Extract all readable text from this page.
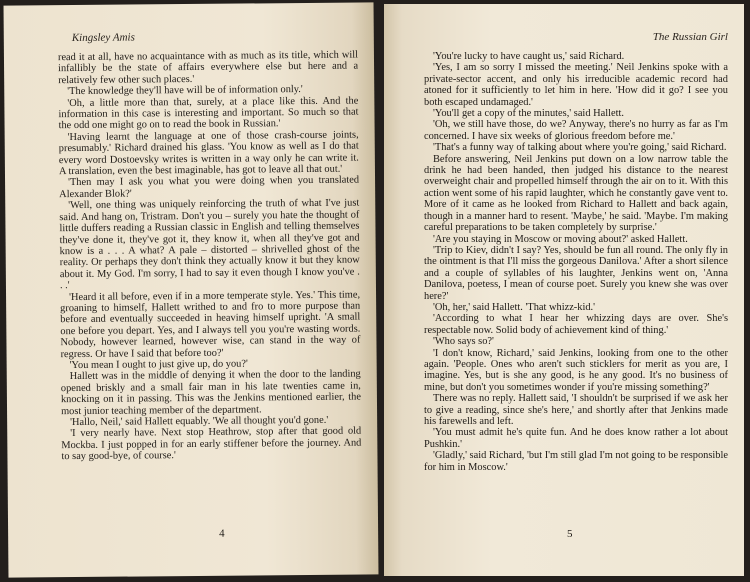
Kingsley Amis

read it at all, have no acquaintance with as much as its title, which will infallibly be the state of affairs everywhere else but here and a relatively few other such places.'

'The knowledge they'll have will be of information only.'

'Oh, a little more than that, surely, at a place like this. And the information in this case is interesting and important. So much so that the odd one might go on to read the book in Russian.'

'Having learnt the language at one of those crash-course joints, presumably.' Richard drained his glass. 'You know as well as I do that every word Dostoevsky writes is written in a way only he can write it. A translation, even the best imaginable, has got to leave all that out.'

'Then may I ask you what you were doing when you translated Alexander Blok?'

'Well, one thing was uniquely reinforcing the truth of what I've just said. And hang on, Tristram. Don't you – surely you hate the thought of little duffers reading a Russian classic in English and telling themselves they've done it, they've got it, they know it, when all they've got and know is a . . . A what? A pale – distorted – shrivelled ghost of the reality. Or perhaps they don't think they actually know it but they know about it. My God. I'm sorry, I had to say it even though I know you've . . .'

'Heard it all before, even if in a more temperate style. Yes.' This time, groaning to himself, Hallett writhed to and fro to more purpose than before and eventually succeeded in heaving himself upright. 'A small one before you depart. Yes, and I always tell you you're wasting words. Nobody, however learned, however wise, can stand in the way of regress. Or have I said that before too?'

'You mean I ought to just give up, do you?'

Hallett was in the middle of denying it when the door to the landing opened briskly and a small fair man in his late twenties came in, knocking on it in passing. This was the Jenkins mentioned earlier, the most junior teaching member of the department.

'Hallo, Neil,' said Hallett equably. 'We all thought you'd gone.'

'I very nearly have. Next stop Heathrow, stop after that good old Mockba. I just popped in for an early stiffener before the journey. And to say good-bye, of course.'

4
The Russian Girl

'You're lucky to have caught us,' said Richard.

'Yes, I am so sorry I missed the meeting.' Neil Jenkins spoke with a private-sector accent, and only his irreducible academic record had atoned for it sufficiently to let him in here. 'How did it go? I see you both escaped undamaged.'

'You'll get a copy of the minutes,' said Hallett.

'Oh, we still have those, do we? Anyway, there's no hurry as far as I'm concerned. I have six weeks of glorious freedom before me.'

'That's a funny way of talking about where you're going,' said Richard.

Before answering, Neil Jenkins put down on a low narrow table the drink he had been handed, then judged his distance to the nearest overweight chair and propelled himself through the air on to it. With this action went some of his rapid laughter, which he constantly gave vent to. More of it came as he looked from Richard to Hallett and back again, though in a manner hard to resent. 'Maybe,' he said. 'Maybe. I'm making careful preparations to be taken completely by surprise.'

'Are you staying in Moscow or moving about?' asked Hallett.

'Trip to Kiev, didn't I say? Yes, should be fun all round. The only fly in the ointment is that I'll miss the gorgeous Danilova.' After a short silence and a couple of syllables of his laughter, Jenkins went on, 'Anna Danilova, poetess, I mean of course poet. Surely you knew she was over here?'

'Oh, her,' said Hallett. 'That whizz-kid.'

'According to what I hear her whizzing days are over. She's respectable now. Solid body of achievement kind of thing.'

'Who says so?'

'I don't know, Richard,' said Jenkins, looking from one to the other again. 'People. Ones who aren't such sticklers for merit as you are, I imagine. Yes, but is she any good, is he any good. It's no business of mine, but don't you sometimes wonder if you're missing something?'

There was no reply. Hallett said, 'I shouldn't be surprised if we ask her to give a reading, since she's here,' and shortly after that Jenkins made his farewells and left.

'You must admit he's quite fun. And he does know rather a lot about Pushkin.'

'Gladly,' said Richard, 'but I'm still glad I'm not going to be responsible for him in Moscow.'

5
